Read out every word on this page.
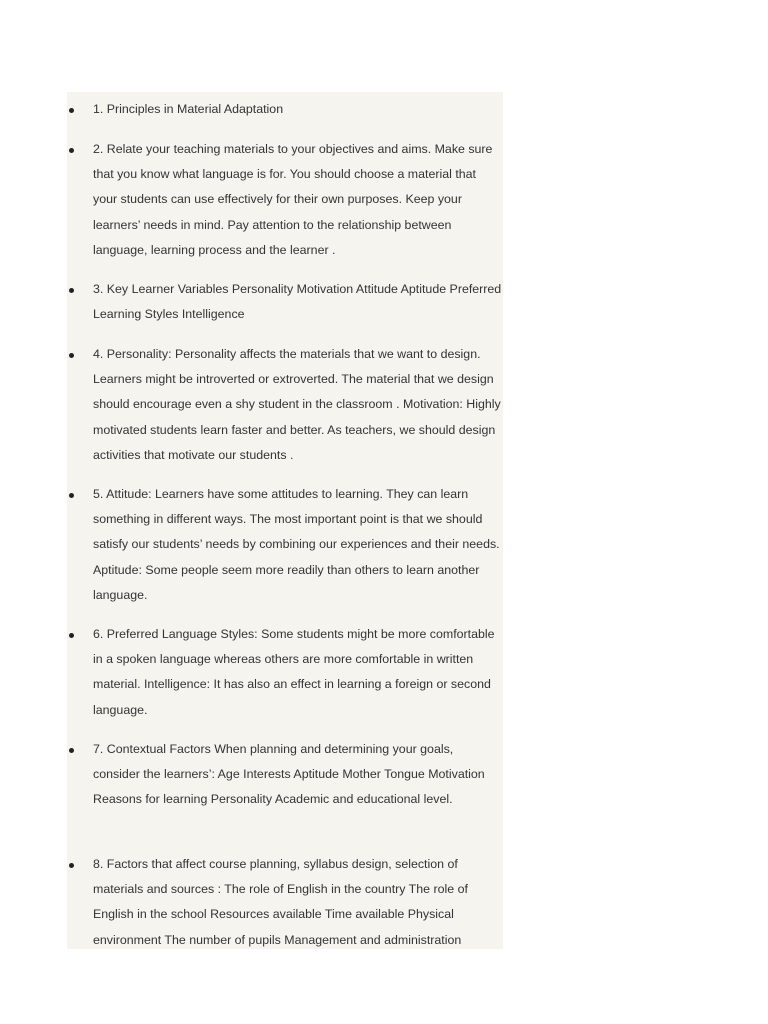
1. Principles in Material Adaptation
2. Relate your teaching materials to your objectives and aims. Make sure that you know what language is for. You should choose a material that your students can use effectively for their own purposes. Keep your learners’ needs in mind. Pay attention to the relationship between language, learning process and the learner .
3. Key Learner Variables Personality Motivation Attitude Aptitude Preferred Learning Styles Intelligence
4. Personality: Personality affects the materials that we want to design. Learners might be introverted or extroverted. The material that we design should encourage even a shy student in the classroom . Motivation: Highly motivated students learn faster and better. As teachers, we should design activities that motivate our students .
5. Attitude: Learners have some attitudes to learning. They can learn something in different ways. The most important point is that we should satisfy our students’ needs by combining our experiences and their needs. Aptitude: Some people seem more readily than others to learn another language.
6. Preferred Language Styles: Some students might be more comfortable in a spoken language whereas others are more comfortable in written material. Intelligence: It has also an effect in learning a foreign or second language.
7. Contextual Factors When planning and determining your goals, consider the learners’: Age Interests Aptitude Mother Tongue Motivation Reasons for learning Personality Academic and educational level.
8. Factors that affect course planning, syllabus design, selection of materials and sources : The role of English in the country The role of English in the school Resources available Time available Physical environment The number of pupils Management and administration
